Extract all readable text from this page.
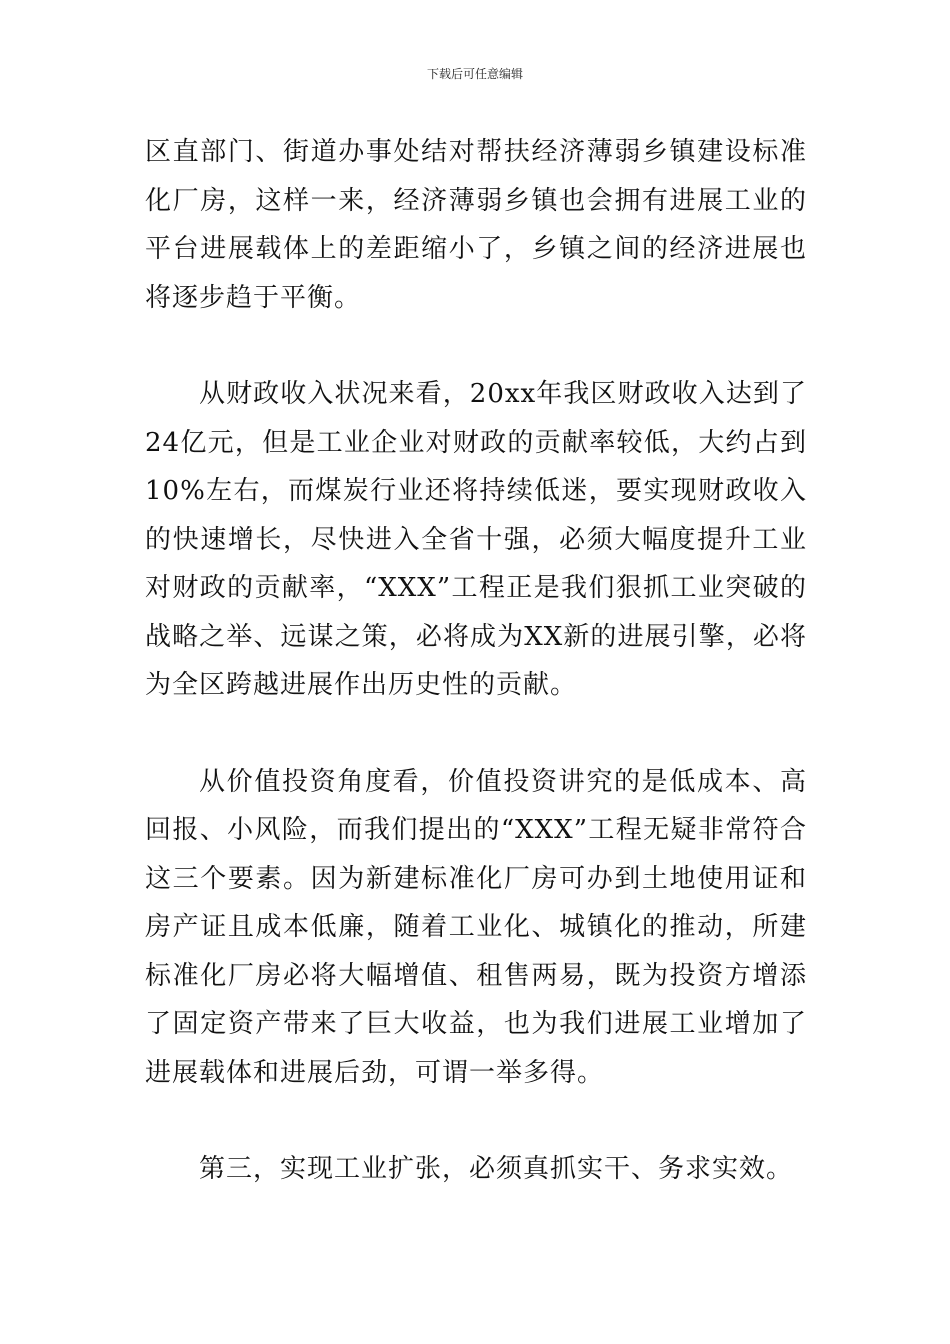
下载后可任意编辑

区直部门、街道办事处结对帮扶经济薄弱乡镇建设标准化厂房，这样一来，经济薄弱乡镇也会拥有进展工业的平台进展载体上的差距缩小了，乡镇之间的经济进展也将逐步趋于平衡。

从财政收入状况来看，20xx年我区财政收入达到了24亿元，但是工业企业对财政的贡献率较低，大约占到10%左右，而煤炭行业还将持续低迷，要实现财政收入的快速增长，尽快进入全省十强，必须大幅度提升工业对财政的贡献率，“XXX”工程正是我们狠抓工业突破的战略之举、远谋之策，必将成为XX新的进展引擎，必将为全区跨越进展作出历史性的贡献。

从价值投资角度看，价值投资讲究的是低成本、高回报、小风险，而我们提出的“XXX”工程无疑非常符合这三个要素。因为新建标准化厂房可办到土地使用证和房产证且成本低廉，随着工业化、城镇化的推动，所建标准化厂房必将大幅增值、租售两易，既为投资方增添了固定资产带来了巨大收益，也为我们进展工业增加了进展载体和进展后劲，可谓一举多得。

第三，实现工业扩张，必须真抓实干、务求实效。
